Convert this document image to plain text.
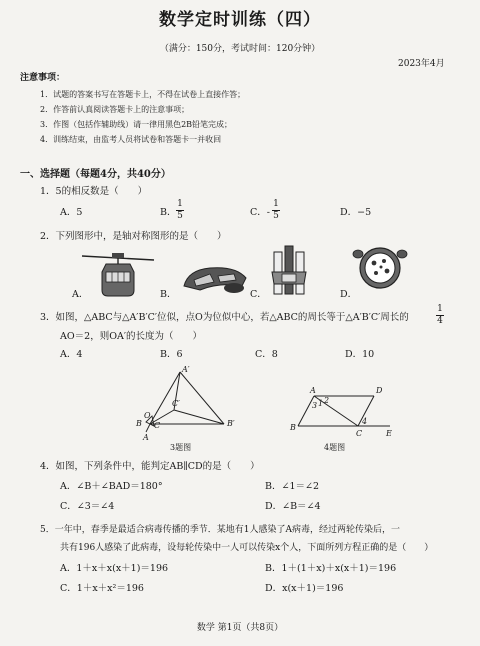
数学定时训练（四）
（满分：150分，考试时间：120分钟）
2023年4月
注意事项：
1．试题的答案书写在答题卡上，不得在试卷上直接作答；
2．作答前认真阅读答题卡上的注意事项；
3．作图（包括作辅助线）请一律用黑色2B铅笔完成；
4．训练结束，由监考人员将试卷和答题卡一并收回
一、选择题（每题4分，共40分）
1．5的相反数是（　　）
A．5	B．
1
5	C．-
1
5	D．−5
2．下列图形中，是轴对称图形的是（　　）
A．	B．	C．	D．
3．如图，△ABC与△A′B′C′位似，点O为位似中心，若△ABC的周长等于△A′B′C′周长的
1
4
AO＝2，则OA′的长度为（　　）
A．4	B．6	C．8	D．10
A′
C′
B′
B C
O
A
3题图
A	D
B
C	E
1 2
3
4
4题图
4．如图，下列条件中，能判定AB∥CD的是（　　）
A．∠B＋∠BAD＝180°	B．∠1＝∠2
C．∠3＝∠4	D．∠B＝∠4
5．一年中，春季是最适合病毒传播的季节．某地有1人感染了A病毒，经过两轮传染后，一
共有196人感染了此病毒，设每轮传染中一人可以传染x个人，下面所列方程正确的是（　　）
A．1＋x＋x(x＋1)＝196	B．1＋(1＋x)＋x(x＋1)＝196
C．1＋x＋x²＝196	D．x(x＋1)＝196
数学 第1页（共8页）
